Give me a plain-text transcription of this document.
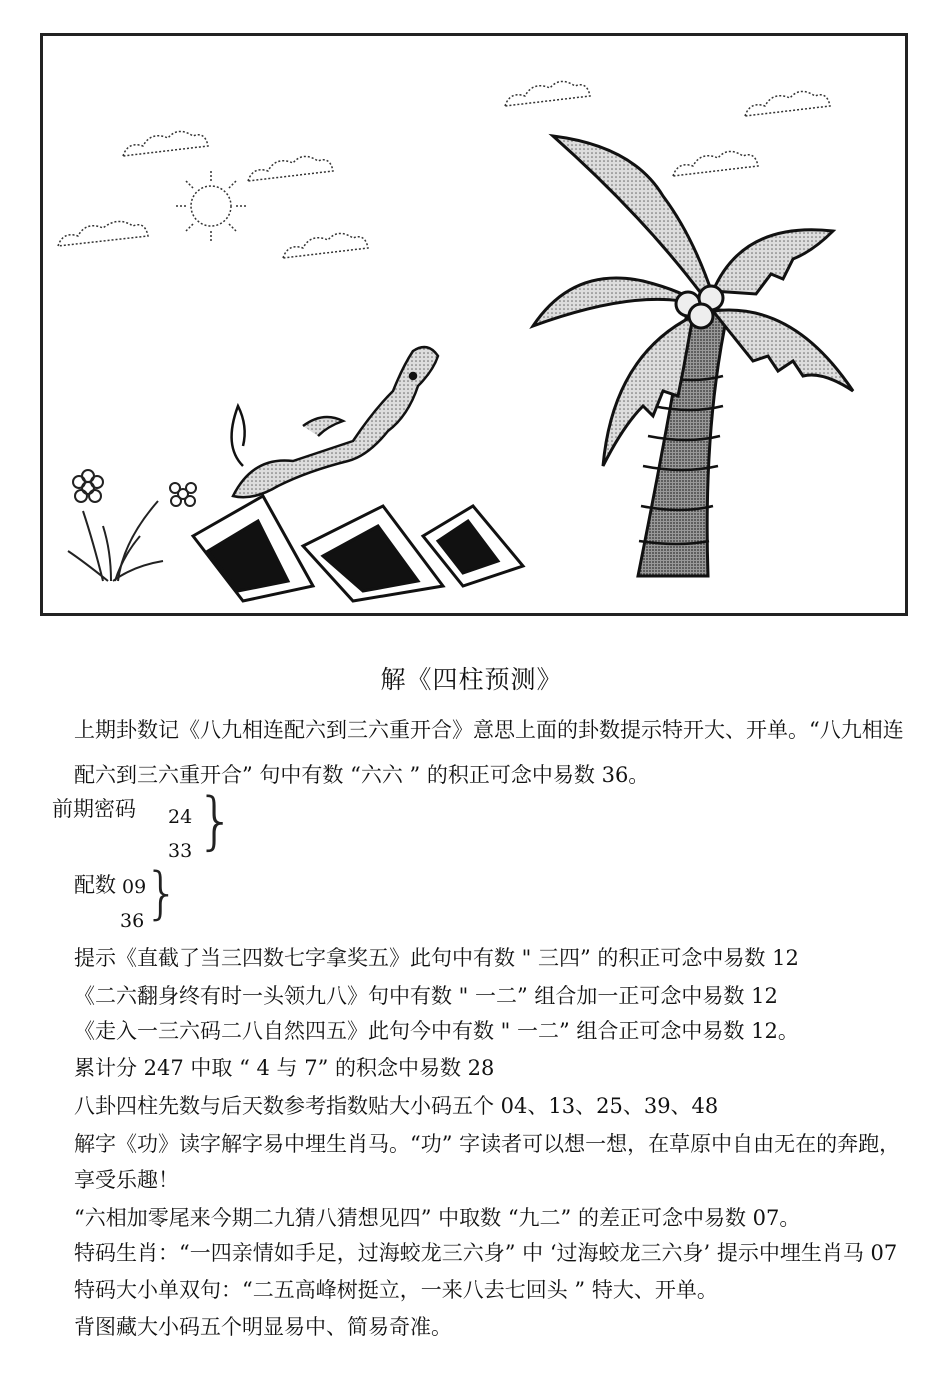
解《四柱预测》
上期卦数记《八九相连配六到三六重开合》意思上面的卦数提示特开大、开单。“八九相连
配六到三六重开合” 句中有数 “六六 ” 的积正可念中易数 36。
前期密码 24
33 }
配数 09
36 }
提示《直截了当三四数七字拿奖五》此句中有数 " 三四” 的积正可念中易数 12
《二六翻身终有时一头领九八》句中有数 " 一二” 组合加一正可念中易数 12
《走入一三六码二八自然四五》此句今中有数 " 一二” 组合正可念中易数 12。
累计分 247 中取 “ 4 与 7” 的积念中易数 28
八卦四柱先数与后天数参考指数贴大小码五个 04、13、25、39、48
解字《功》读字解字易中埋生肖马。“功” 字读者可以想一想，在草原中自由无在的奔跑，
享受乐趣！
“六相加零尾来今期二九猜八猜想见四” 中取数 “九二” 的差正可念中易数 07。
特码生肖：“一四亲情如手足，过海蛟龙三六身” 中 ‘过海蛟龙三六身’ 提示中埋生肖马 07
特码大小单双句：“二五高峰树挺立，一来八去七回头 ” 特大、开单。
背图藏大小码五个明显易中、简易奇准。
